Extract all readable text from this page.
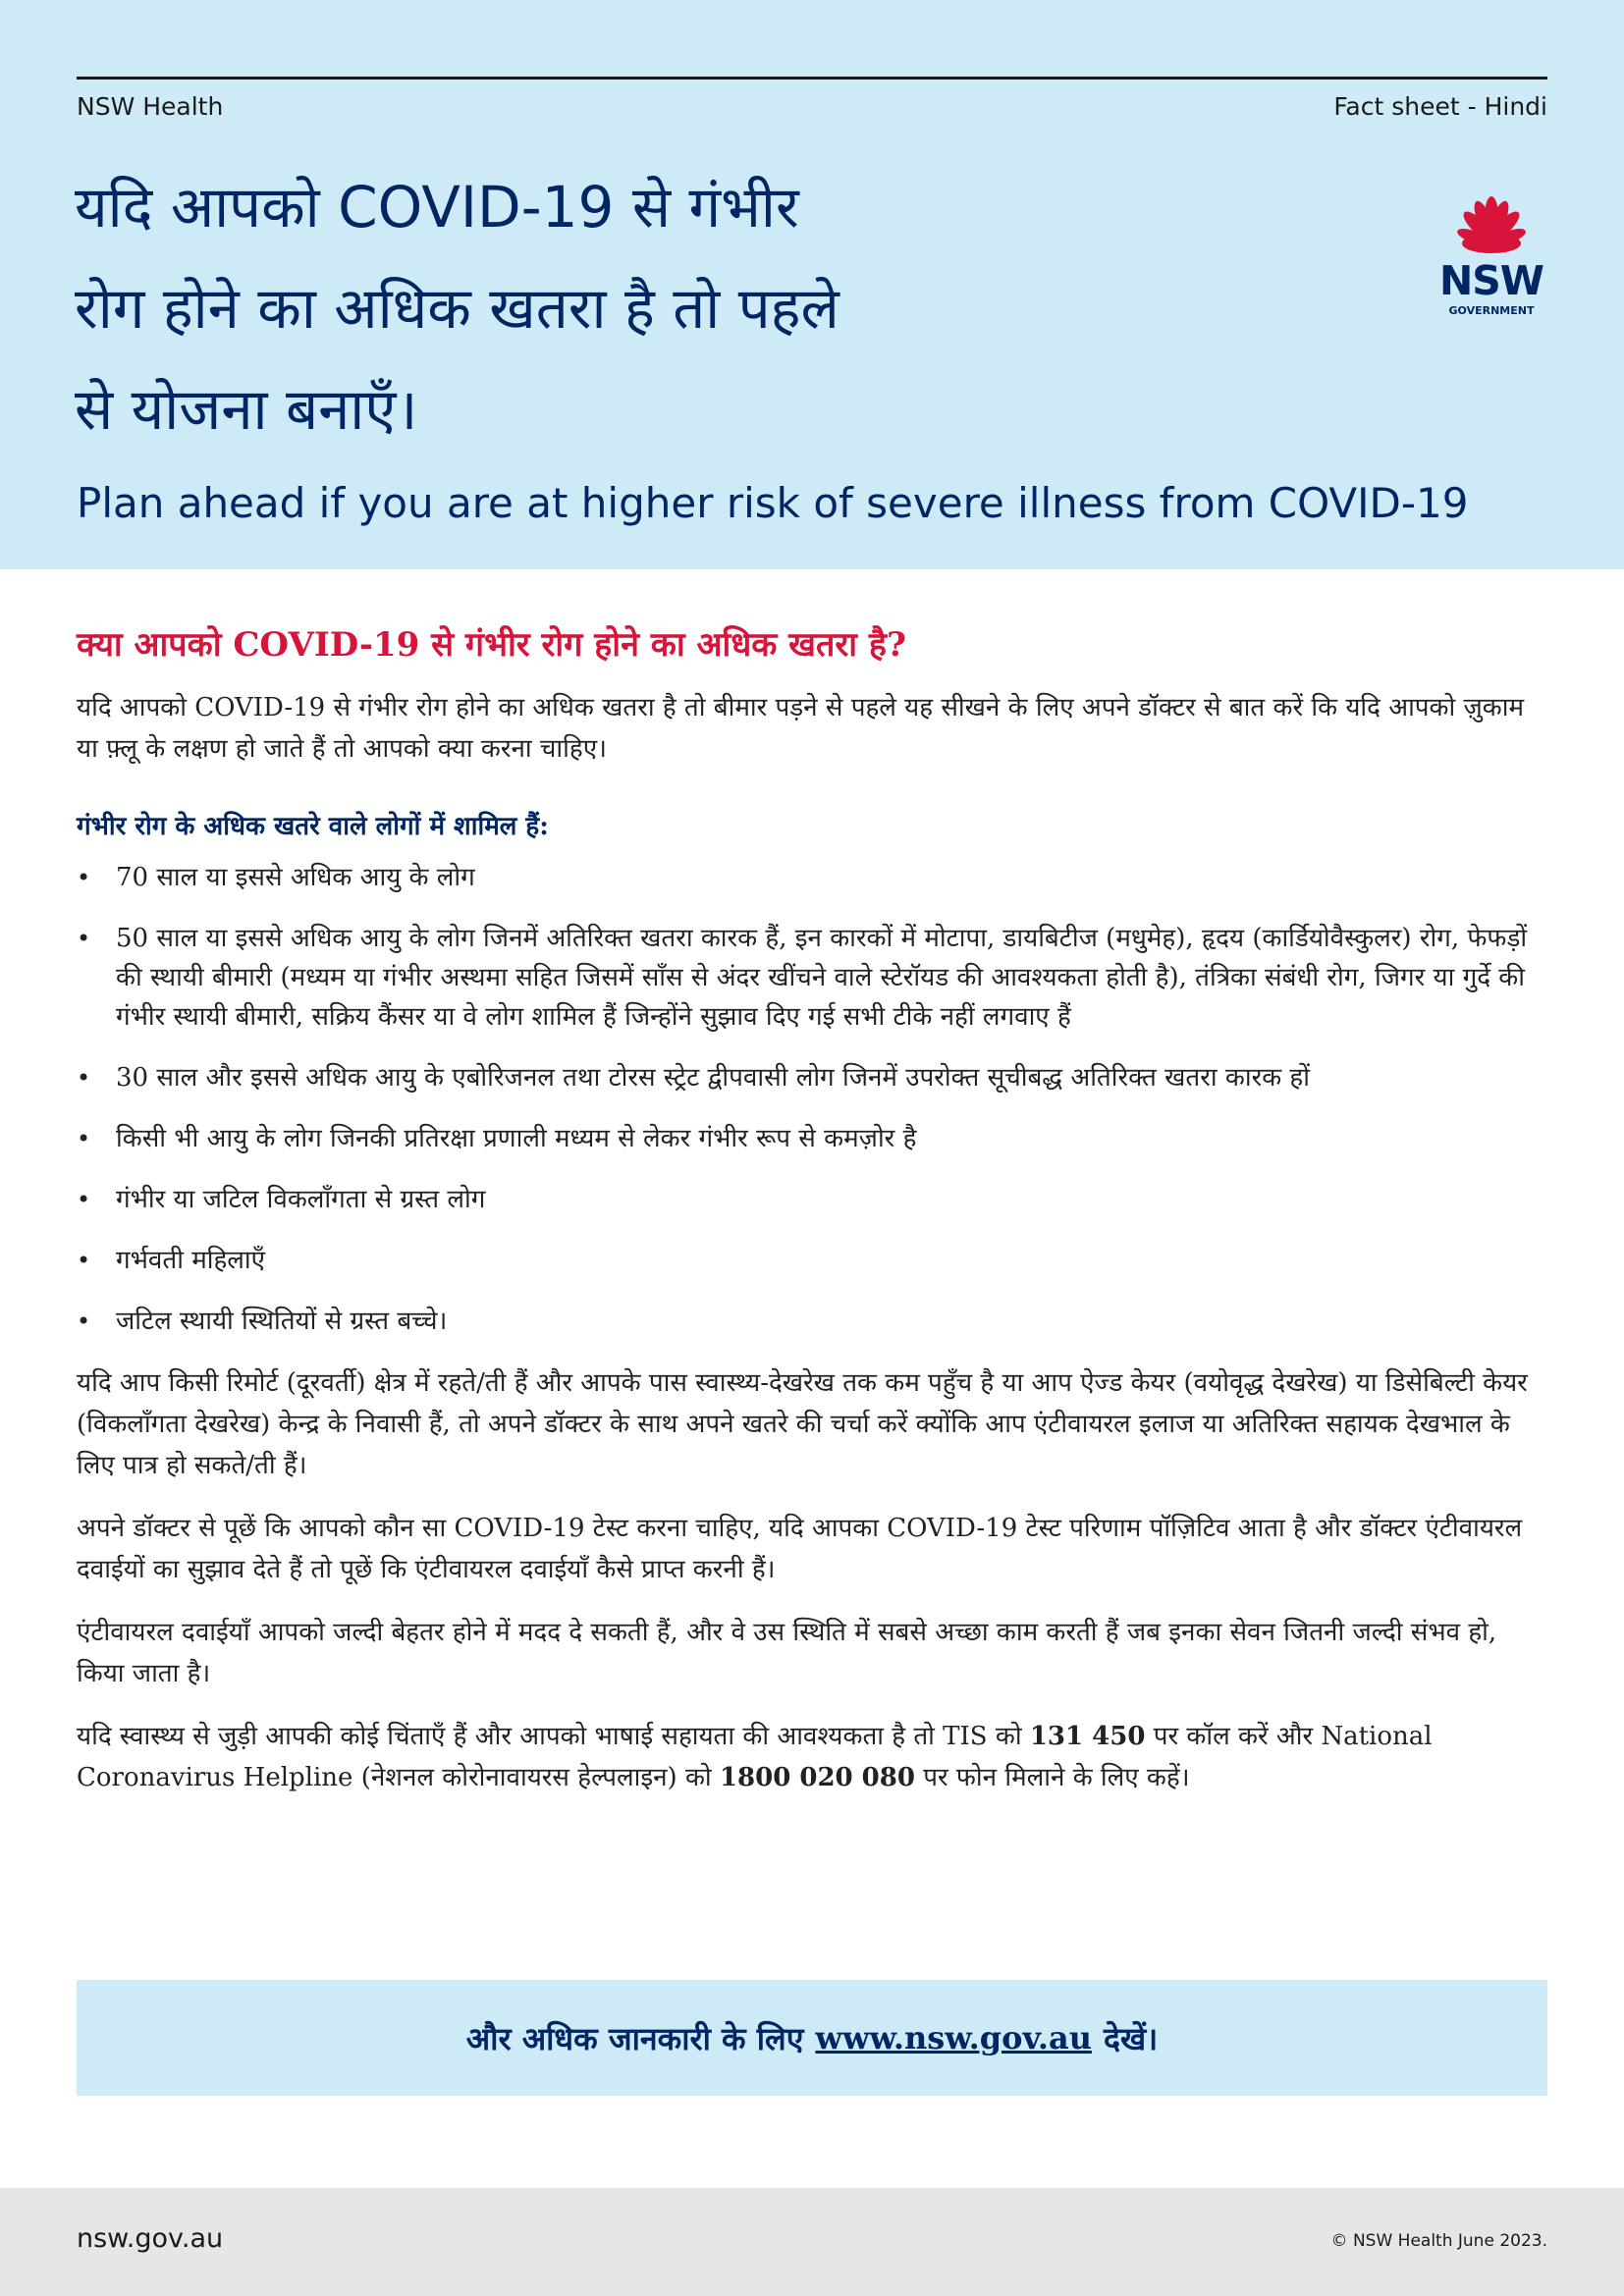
NSW Health	Fact sheet - Hindi
यदि आपको COVID-19 से गंभीर
रोग होने का अधिक खतरा है तो पहले
से योजना बनाएँ।
Plan ahead if you are at higher risk of severe illness from COVID-19
NSW
GOVERNMENT
क्या आपको COVID-19 से गंभीर रोग होने का अधिक खतरा है?

यदि आपको COVID-19 से गंभीर रोग होने का अधिक खतरा है तो बीमार पड़ने से पहले यह सीखने के लिए अपने डॉक्टर से बात करें कि यदि आपको ज़ुकाम या फ़्लू के लक्षण हो जाते हैं तो आपको क्या करना चाहिए।

गंभीर रोग के अधिक खतरे वाले लोगों में शामिल हैं:
• 70 साल या इससे अधिक आयु के लोग
• 50 साल या इससे अधिक आयु के लोग जिनमें अतिरिक्त खतरा कारक हैं, इन कारकों में मोटापा, डायबिटीज (मधुमेह), हृदय (कार्डियोवैस्कुलर) रोग, फेफड़ों की स्थायी बीमारी (मध्यम या गंभीर अस्थमा सहित जिसमें साँस से अंदर खींचने वाले स्टेरॉयड की आवश्यकता होती है), तंत्रिका संबंधी रोग, जिगर या गुर्दे की गंभीर स्थायी बीमारी, सक्रिय कैंसर या वे लोग शामिल हैं जिन्होंने सुझाव दिए गई सभी टीके नहीं लगवाए हैं
• 30 साल और इससे अधिक आयु के एबोरिजनल तथा टोरस स्ट्रेट द्वीपवासी लोग जिनमें उपरोक्त सूचीबद्ध अतिरिक्त खतरा कारक हों
• किसी भी आयु के लोग जिनकी प्रतिरक्षा प्रणाली मध्यम से लेकर गंभीर रूप से कमज़ोर है
• गंभीर या जटिल विकलाँगता से ग्रस्त लोग
• गर्भवती महिलाएँ
• जटिल स्थायी स्थितियों से ग्रस्त बच्चे।

यदि आप किसी रिमोर्ट (दूरवर्ती) क्षेत्र में रहते/ती हैं और आपके पास स्वास्थ्य-देखरेख तक कम पहुँच है या आप ऐज्ड केयर (वयोवृद्ध देखरेख) या डिसेबिल्टी केयर (विकलाँगता देखरेख) केन्द्र के निवासी हैं, तो अपने डॉक्टर के साथ अपने खतरे की चर्चा करें क्योंकि आप एंटीवायरल इलाज या अतिरिक्त सहायक देखभाल के लिए पात्र हो सकते/ती हैं।

अपने डॉक्टर से पूछें कि आपको कौन सा COVID-19 टेस्ट करना चाहिए, यदि आपका COVID-19 टेस्ट परिणाम पॉज़िटिव आता है और डॉक्टर एंटीवायरल दवाईयों का सुझाव देते हैं तो पूछें कि एंटीवायरल दवाईयाँ कैसे प्राप्त करनी हैं।

एंटीवायरल दवाईयाँ आपको जल्दी बेहतर होने में मदद दे सकती हैं, और वे उस स्थिति में सबसे अच्छा काम करती हैं जब इनका सेवन जितनी जल्दी संभव हो, किया जाता है।

यदि स्वास्थ्य से जुड़ी आपकी कोई चिंताएँ हैं और आपको भाषाई सहायता की आवश्यकता है तो TIS को 131 450 पर कॉल करें और National Coronavirus Helpline (नेशनल कोरोनावायरस हेल्पलाइन) को 1800 020 080 पर फोन मिलाने के लिए कहें।

और अधिक जानकारी के लिए www.nsw.gov.au देखें।
nsw.gov.au	© NSW Health June 2023.
